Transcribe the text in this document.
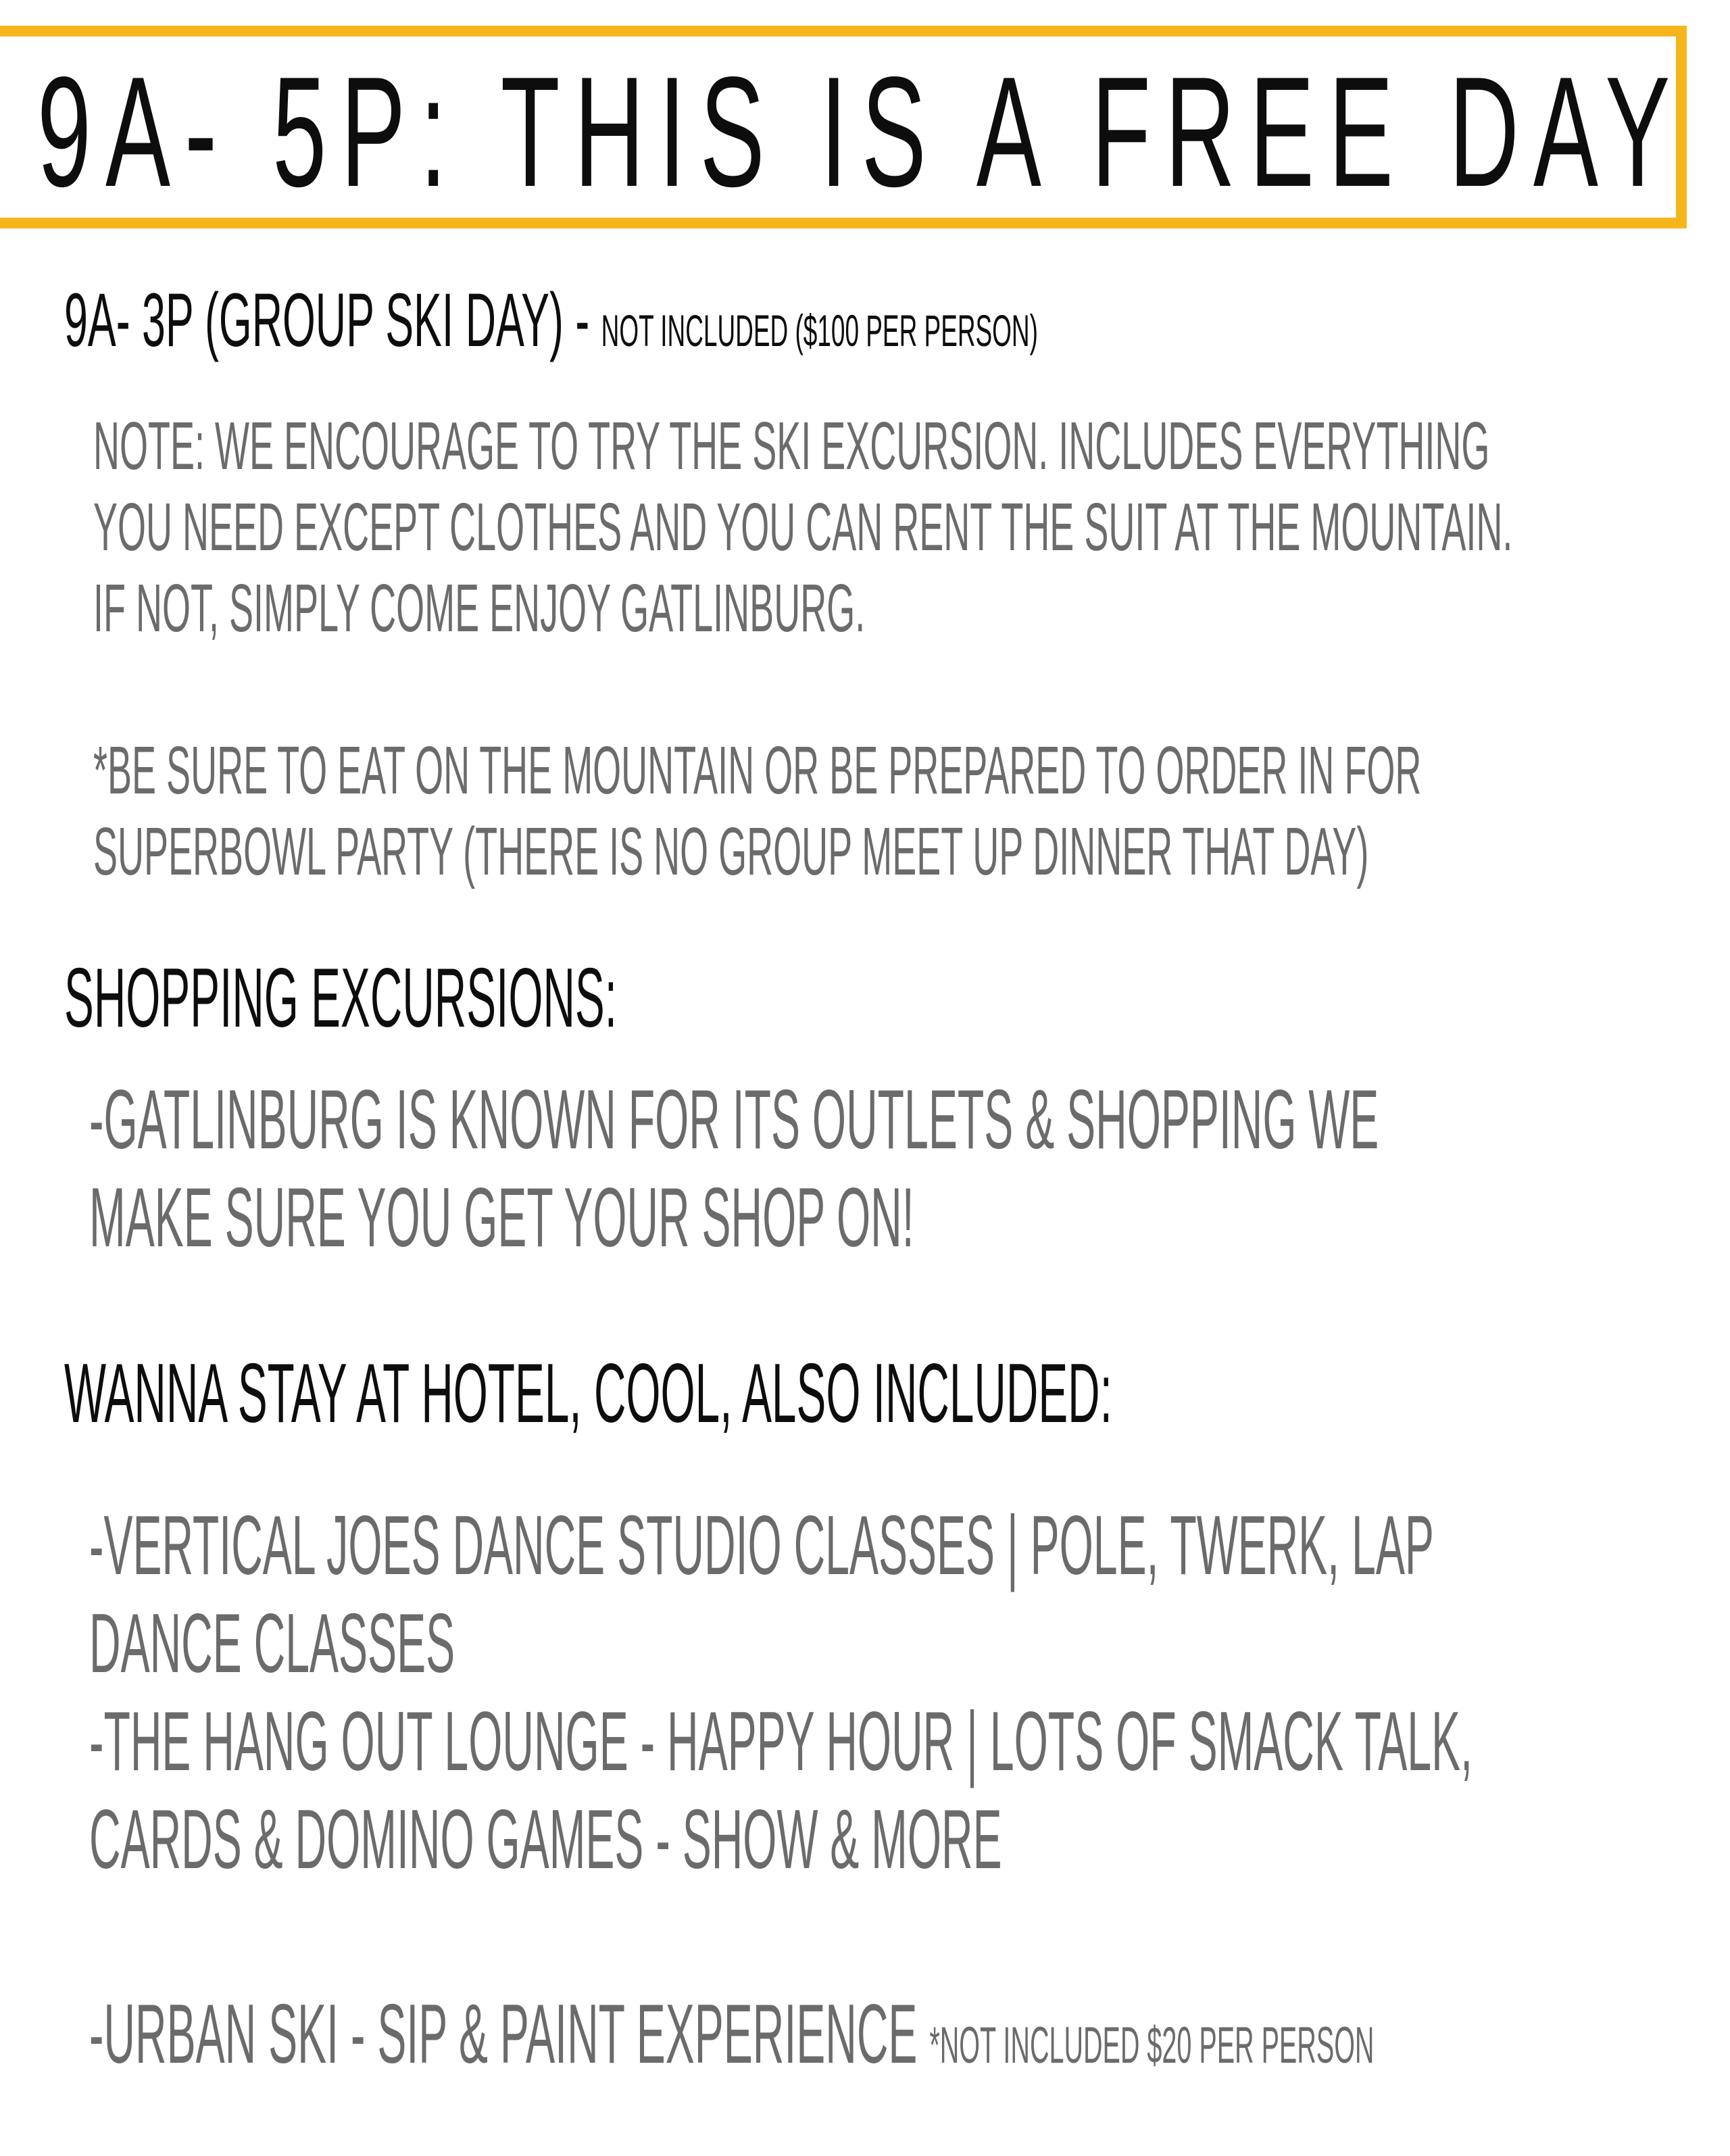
9A- 5P: THIS IS A FREE DAY
9A- 3P (GROUP SKI DAY) - NOT INCLUDED ($100 PER PERSON)
NOTE: WE ENCOURAGE TO TRY THE SKI EXCURSION. INCLUDES EVERYTHING
YOU NEED EXCEPT CLOTHES AND YOU CAN RENT THE SUIT AT THE MOUNTAIN.
IF NOT, SIMPLY COME ENJOY GATLINBURG.
*BE SURE TO EAT ON THE MOUNTAIN OR BE PREPARED TO ORDER IN FOR
SUPERBOWL PARTY (THERE IS NO GROUP MEET UP DINNER THAT DAY)
SHOPPING EXCURSIONS:
-GATLINBURG IS KNOWN FOR ITS OUTLETS & SHOPPING WE
MAKE SURE YOU GET YOUR SHOP ON!
WANNA STAY AT HOTEL, COOL, ALSO INCLUDED:
-VERTICAL JOES DANCE STUDIO CLASSES | POLE, TWERK, LAP
DANCE CLASSES
-THE HANG OUT LOUNGE - HAPPY HOUR | LOTS OF SMACK TALK,
CARDS & DOMINO GAMES - SHOW & MORE
-URBAN SKI - SIP & PAINT EXPERIENCE *NOT INCLUDED $20 PER PERSON
